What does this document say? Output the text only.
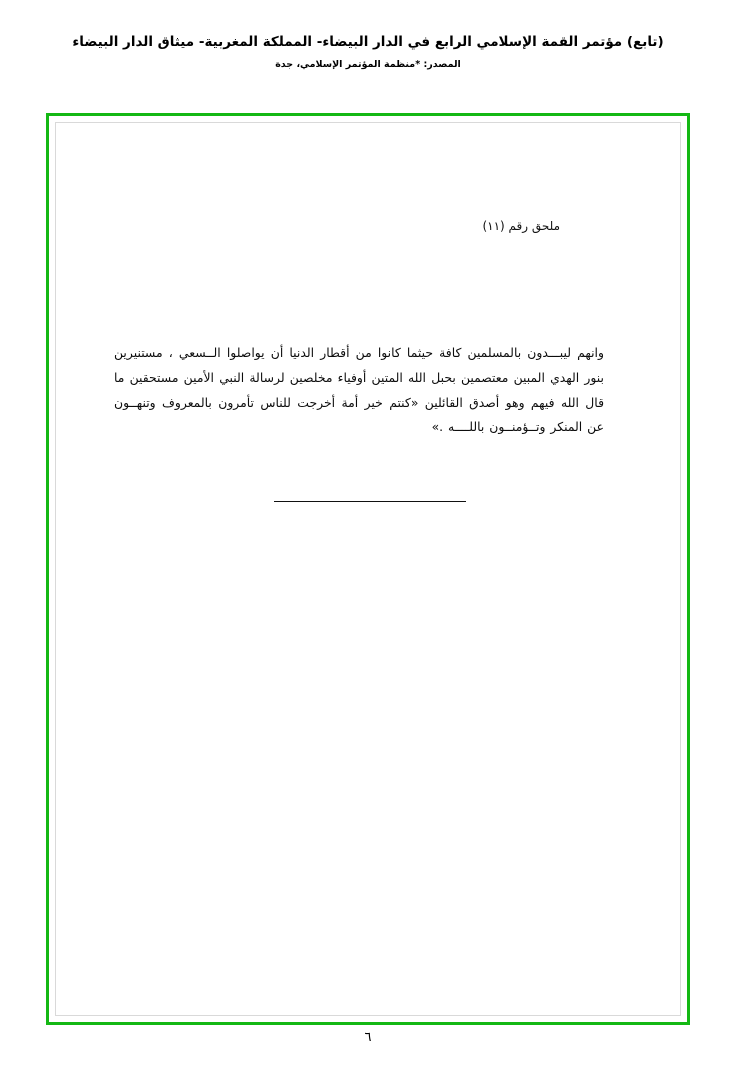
(تابع) مؤتمر القمة الإسلامي الرابع في الدار البيضاء- المملكة المغربية- ميثاق الدار البيضاء
المصدر: *منظمة المؤتمر الإسلامي، جدة
ملحق رقم (١١)

وانهم ليبـــدون بالمسلمين كافة حيثما كانوا من أقطار الدنيا أن يواصلوا الــسعي ، مستنيرين بنور الهدي المبين معتصمين بحبل الله المتين أوفياء مخلصين لرسالة النبي الأمين مستحقين ما قال الله فيهم وهو أصدق القائلين «كنتم خير أمة أخرجت للناس تأمرون بالمعروف وتنهــون عن المنكر وتــؤمنــون باللــــه .»

٦
